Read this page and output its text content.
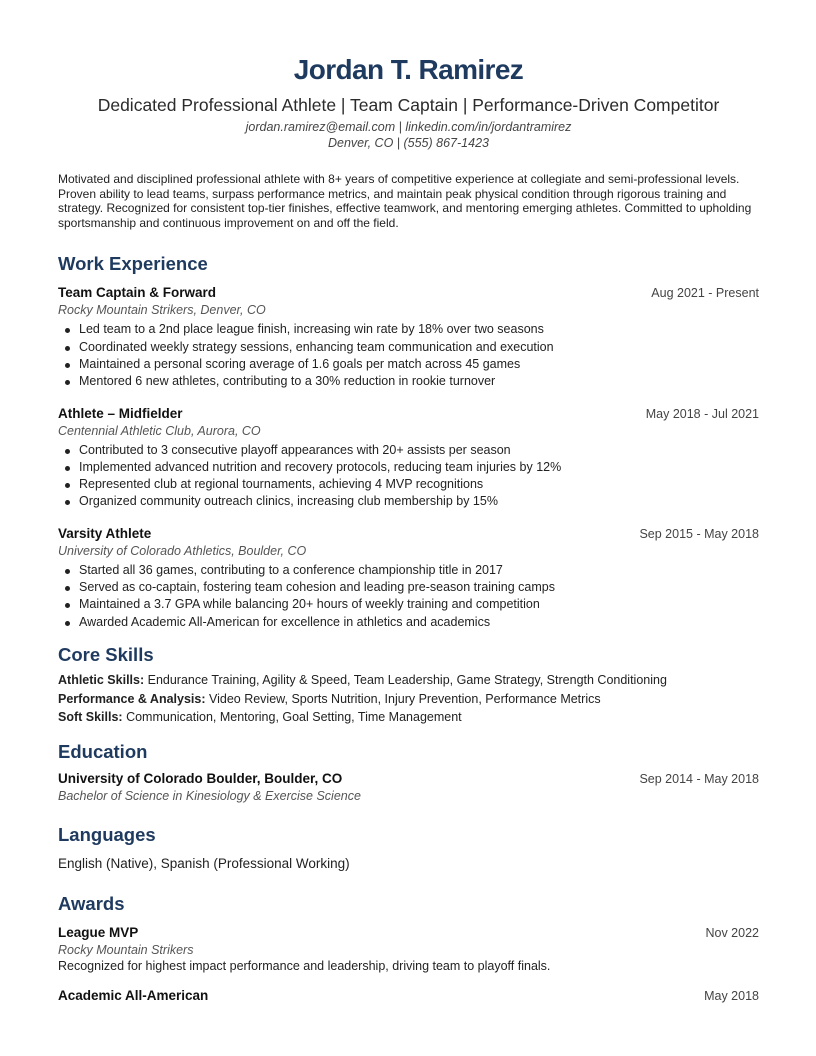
Jordan T. Ramirez
Dedicated Professional Athlete | Team Captain | Performance-Driven Competitor
jordan.ramirez@email.com | linkedin.com/in/jordantramirez
Denver, CO | (555) 867-1423

Motivated and disciplined professional athlete with 8+ years of competitive experience at collegiate and semi-professional levels. Proven ability to lead teams, surpass performance metrics, and maintain peak physical condition through rigorous training and strategy. Recognized for consistent top-tier finishes, effective teamwork, and mentoring emerging athletes. Committed to upholding sportsmanship and continuous improvement on and off the field.

Work Experience
Team Captain & Forward	Aug 2021 - Present
Rocky Mountain Strikers, Denver, CO
Led team to a 2nd place league finish, increasing win rate by 18% over two seasons
Coordinated weekly strategy sessions, enhancing team communication and execution
Maintained a personal scoring average of 1.6 goals per match across 45 games
Mentored 6 new athletes, contributing to a 30% reduction in rookie turnover
Athlete – Midfielder	May 2018 - Jul 2021
Centennial Athletic Club, Aurora, CO
Contributed to 3 consecutive playoff appearances with 20+ assists per season
Implemented advanced nutrition and recovery protocols, reducing team injuries by 12%
Represented club at regional tournaments, achieving 4 MVP recognitions
Organized community outreach clinics, increasing club membership by 15%
Varsity Athlete	Sep 2015 - May 2018
University of Colorado Athletics, Boulder, CO
Started all 36 games, contributing to a conference championship title in 2017
Served as co-captain, fostering team cohesion and leading pre-season training camps
Maintained a 3.7 GPA while balancing 20+ hours of weekly training and competition
Awarded Academic All-American for excellence in athletics and academics
Core Skills
Athletic Skills: Endurance Training, Agility & Speed, Team Leadership, Game Strategy, Strength Conditioning
Performance & Analysis: Video Review, Sports Nutrition, Injury Prevention, Performance Metrics
Soft Skills: Communication, Mentoring, Goal Setting, Time Management
Education
University of Colorado Boulder, Boulder, CO	Sep 2014 - May 2018
Bachelor of Science in Kinesiology & Exercise Science
Languages
English (Native), Spanish (Professional Working)
Awards
League MVP	Nov 2022
Rocky Mountain Strikers
Recognized for highest impact performance and leadership, driving team to playoff finals.
Academic All-American	May 2018
